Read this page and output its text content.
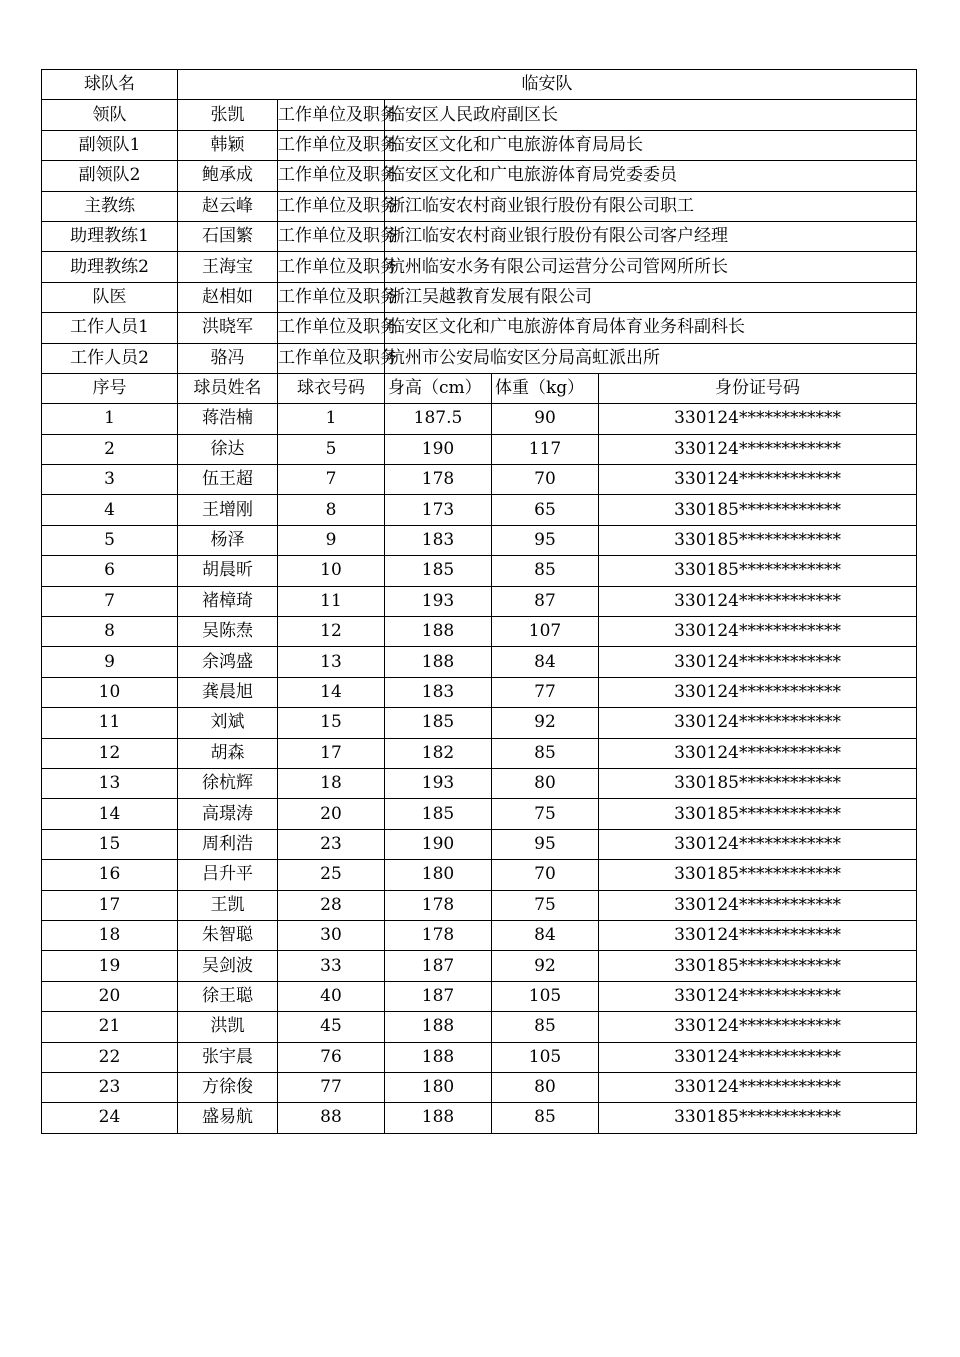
球队名	临安队				
领队	张凯	工作单位及职务	临安区人民政府副区长		
副领队1	韩颖	工作单位及职务	临安区文化和广电旅游体育局局长		
副领队2	鲍承成	工作单位及职务	临安区文化和广电旅游体育局党委委员		
主教练	赵云峰	工作单位及职务	浙江临安农村商业银行股份有限公司职工		
助理教练1	石国繁	工作单位及职务	浙江临安农村商业银行股份有限公司客户经理		
助理教练2	王海宝	工作单位及职务	杭州临安水务有限公司运营分公司管网所所长		
队医	赵相如	工作单位及职务	浙江吴越教育发展有限公司		
工作人员1	洪晓军	工作单位及职务	临安区文化和广电旅游体育局体育业务科副科长		
工作人员2	骆冯	工作单位及职务	杭州市公安局临安区分局高虹派出所		
序号	球员姓名	球衣号码	身高（cm）	体重（kg）	身份证号码
1	蒋浩楠	1	187.5	90	330124************
2	徐达	5	190	117	330124************
3	伍王超	7	178	70	330124************
4	王增刚	8	173	65	330185************
5	杨泽	9	183	95	330185************
6	胡晨昕	10	185	85	330185************
7	褚樟琦	11	193	87	330124************
8	吴陈焘	12	188	107	330124************
9	余鸿盛	13	188	84	330124************
10	龚晨旭	14	183	77	330124************
11	刘斌	15	185	92	330124************
12	胡森	17	182	85	330124************
13	徐杭辉	18	193	80	330185************
14	高璟涛	20	185	75	330185************
15	周利浩	23	190	95	330124************
16	吕升平	25	180	70	330185************
17	王凯	28	178	75	330124************
18	朱智聪	30	178	84	330124************
19	吴剑波	33	187	92	330185************
20	徐王聪	40	187	105	330124************
21	洪凯	45	188	85	330124************
22	张宇晨	76	188	105	330124************
23	方徐俊	77	180	80	330124************
24	盛易航	88	188	85	330185************
